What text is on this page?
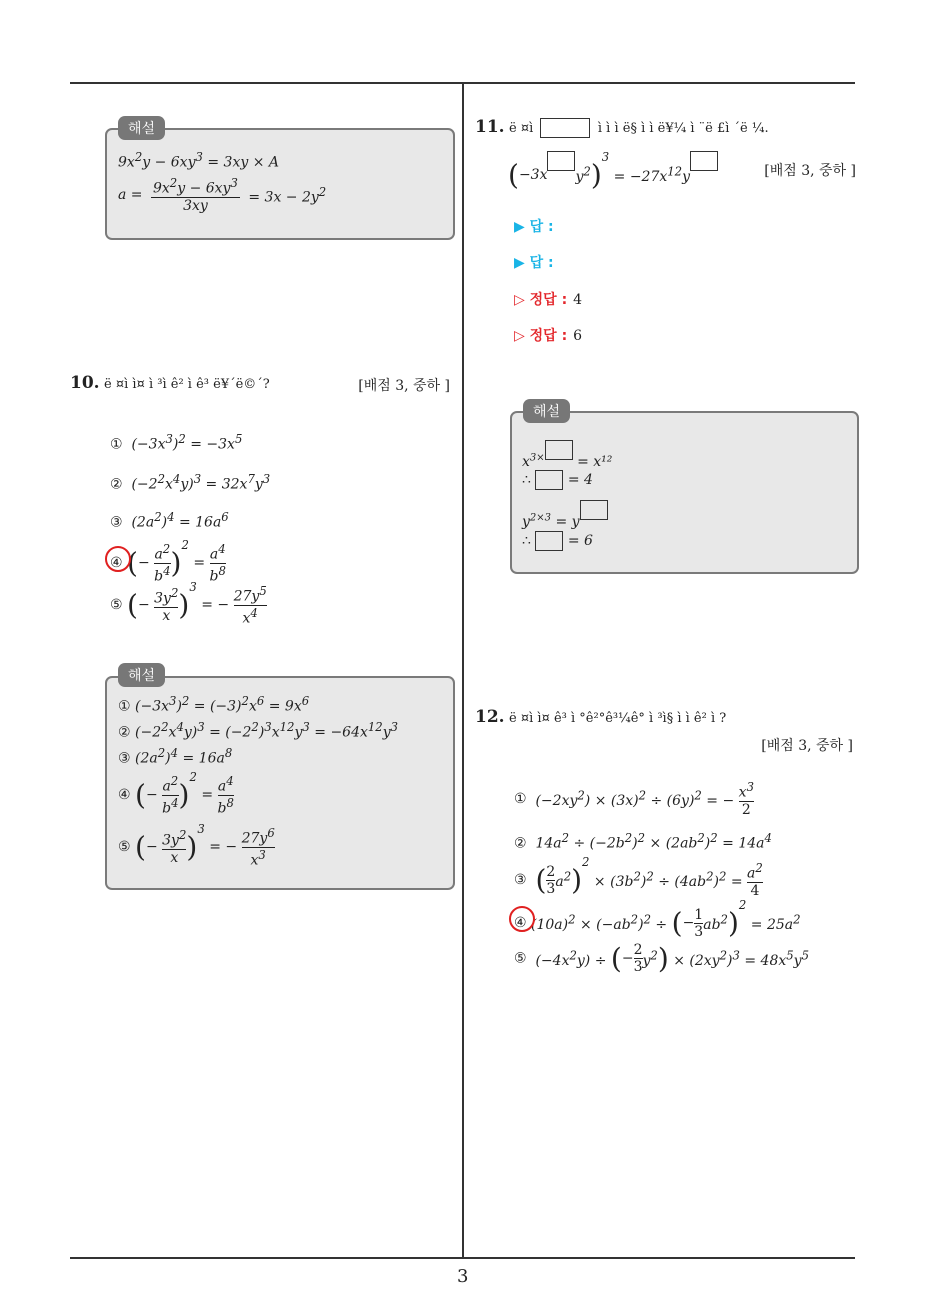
해설
$9x^2y - 6xy^3 = 3xy \times A$
$a = \frac{9x^2y - 6xy^3}{3xy} = 3x - 2y^2$
10. ë ¤ì ì¤ ì ³ì ê² ì ê³ ë¥´ë©´?	[배점 3, 중하 ]
①  $(-3x^3)^2 = -3x^5$
②  $(-2^2x^4y)^3 = 32x^7y^3$
③  $(2a^2)^4 = 16a^6$
④ (− $\frac{a^2}{b^4} )^2 = \frac{a^4}{b^8}$
⑤ (− $\frac{3y^2}{x} )^3$ = − $\frac{27y^5}{x^4}$
해설
① $(-3x^3)^2 = (-3)^2x^6 = 9x^6$
② $(-2^2x^4y)^3 = (-2^2)^3x^{12}y^3 = -64x^{12}y^3$
③ $(2a^2)^4 = 16a^8$
④ (− $\frac{a^2}{b^4} )^2 = \frac{a^4}{b^8}$
⑤ (− $\frac{3y^2}{x} )^3$ = − $\frac{27y^6}{x^3}$
11. ë ¤ì	ì ì ì ë§ ì ì ë¥¼ ì ¨ë £ì ´ë ¼.
(−3x $y^2)^3 = -27x^{12}y$	[배점 3, 중하 ]
▶ 답 :
▶ 답 :
▷ 정답 : 4
▷ 정답 : 6
해설
$x^{3\times} = x^{12}$
∴  = 4
$y^{2\times 3} = y$
∴  = 6
12. ë ¤ì ì¤ ê³ ì °ê²°ê³¼ê° ì ³ì§ ì ì ê² ì ?
[배점 3, 중하 ]
① $(-2xy^2) \times (3x)^2 \div (6y)^2$ = − $\frac{x^3}{2}$
②  $14a^2 \div (-2b^2)^2 \times (2ab^2)^2 = 14a^4$
③ ( $\frac{2}{3} a^2)^2 \times (3b^2)^2 \div (4ab^2)^2 = \frac{a^2}{4}$
④ $(10a)^2 \times (-ab^2)^2$ ÷ (− $\frac{1}{3} ab^2)^2 = 25a^2$
⑤ $(-4x^2y)$ ÷ (− $\frac{2}{3} y^2) \times (2xy^2)^3 = 48x^5y^5$
3
